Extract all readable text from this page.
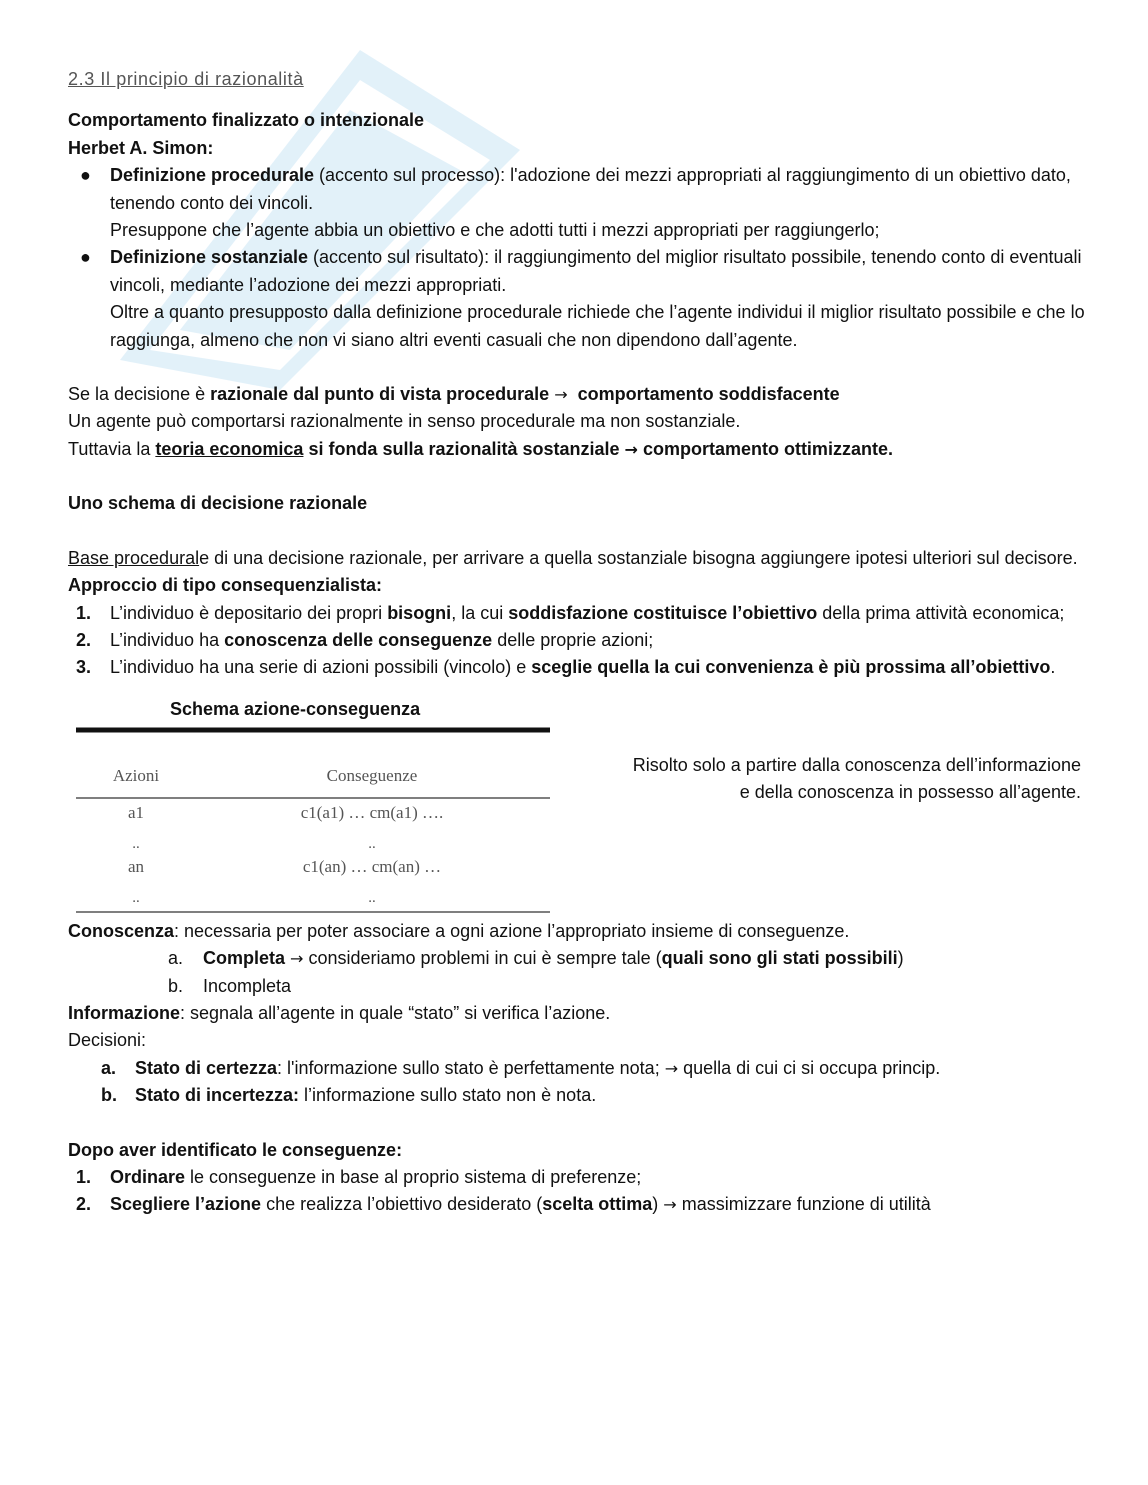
2.3 Il principio di razionalità

Comportamento finalizzato o intenzionale

Herbet A. Simon:

● Definizione procedurale (accento sul processo): l'adozione dei mezzi appropriati al raggiungimento di un obiettivo dato, tenendo conto dei vincoli.
Presuppone che l’agente abbia un obiettivo e che adotti tutti i mezzi appropriati per raggiungerlo;
● Definizione sostanziale (accento sul risultato): il raggiungimento del miglior risultato possibile, tenendo conto di eventuali vincoli, mediante l’adozione dei mezzi appropriati.
Oltre a quanto presupposto dalla definizione procedurale richiede che l’agente individui il miglior risultato possibile e che lo raggiunga, almeno che non vi siano altri eventi casuali che non dipendono dall’agente.

Se la decisione è razionale dal punto di vista procedurale → comportamento soddisfacente

Un agente può comportarsi razionalmente in senso procedurale ma non sostanziale.

Tuttavia la teoria economica si fonda sulla razionalità sostanziale → comportamento ottimizzante.

Uno schema di decisione razionale

Base procedurale di una decisione razionale, per arrivare a quella sostanziale bisogna aggiungere ipotesi ulteriori sul decisore.

Approccio di tipo consequenzialista:

1. L’individuo è depositario dei propri bisogni, la cui soddisfazione costituisce l’obiettivo della prima attività economica;
2. L’individuo ha conoscenza delle conseguenze delle proprie azioni;
3. L’individuo ha una serie di azioni possibili (vincolo) e sceglie quella la cui convenienza è più prossima all’obiettivo.
Schema azione-conseguenza
Azioni	Conseguenze
a1	c1(a1) … cm(a1) ….
..	..
an	c1(an) … cm(an) …
..	..
Risolto solo a partire dalla conoscenza dell’informazione
e della conoscenza in possesso all’agente.

Conoscenza: necessaria per poter associare a ogni azione l’appropriato insieme di conseguenze.

a. Completa → consideriamo problemi in cui è sempre tale (quali sono gli stati possibili)
b. Incompleta

Informazione: segnala all’agente in quale “stato” si verifica l’azione.

Decisioni:

a. Stato di certezza: l'informazione sullo stato è perfettamente nota; → quella di cui ci si occupa princip.
b. Stato di incertezza: l’informazione sullo stato non è nota.

Dopo aver identificato le conseguenze:

1. Ordinare le conseguenze in base al proprio sistema di preferenze;
2. Scegliere l’azione che realizza l’obiettivo desiderato (scelta ottima) → massimizzare funzione di utilità
